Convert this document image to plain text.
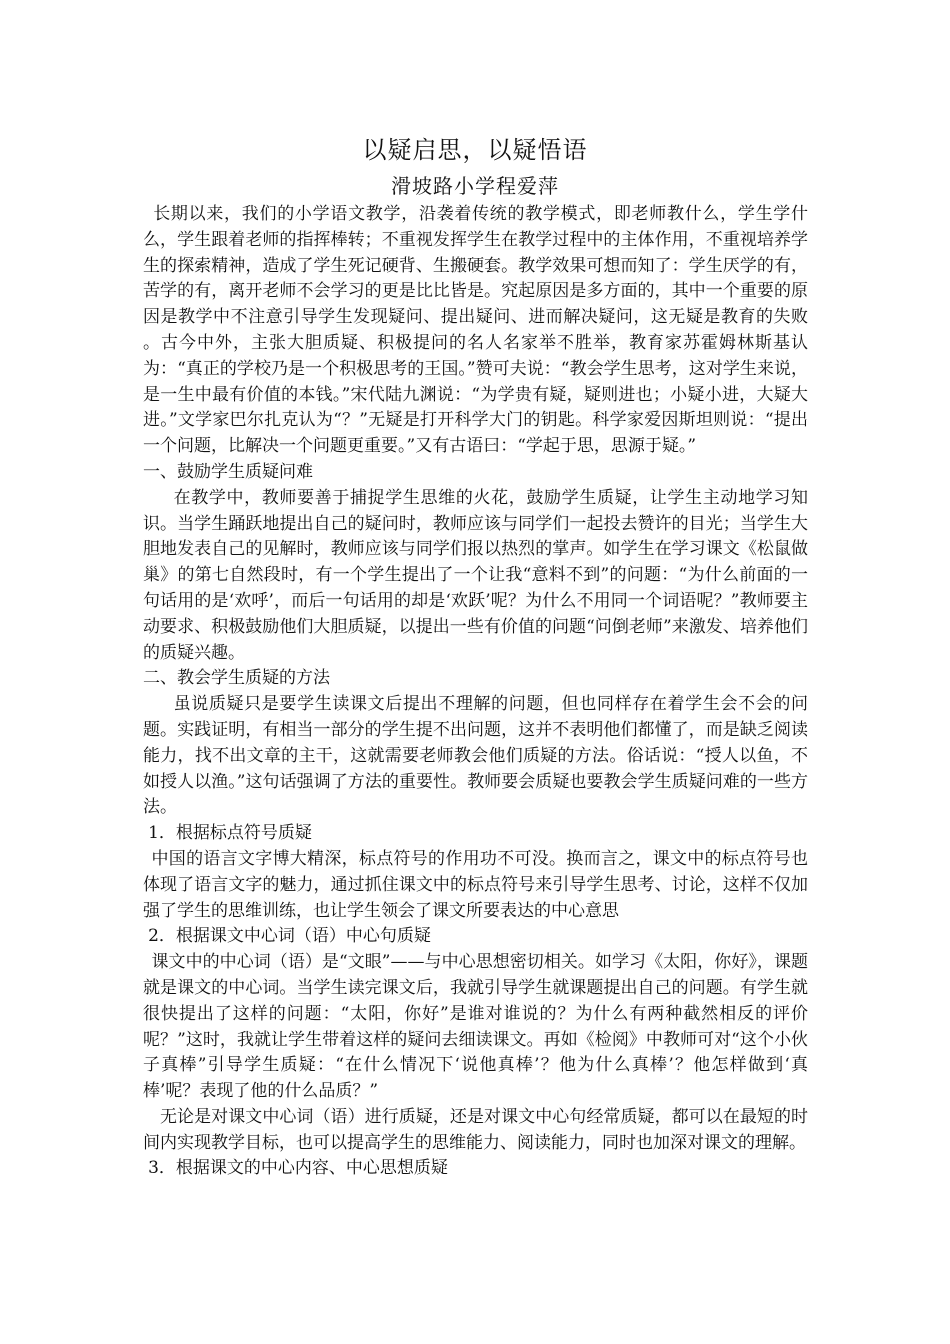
以疑启思，以疑悟语
滑坡路小学程爱萍

长期以来，我们的小学语文教学，沿袭着传统的教学模式，即老师教什么，学生学什么，学生跟着老师的指挥棒转；不重视发挥学生在教学过程中的主体作用，不重视培养学生的探索精神，造成了学生死记硬背、生搬硬套。教学效果可想而知了：学生厌学的有，苦学的有，离开老师不会学习的更是比比皆是。究起原因是多方面的，其中一个重要的原因是教学中不注意引导学生发现疑问、提出疑问、进而解决疑问，这无疑是教育的失败 。古今中外，主张大胆质疑、积极提问的名人名家举不胜举，教育家苏霍姆林斯基认为：“真正的学校乃是一个积极思考的王国。”赞可夫说：“教会学生思考，这对学生来说，是一生中最有价值的本钱。”宋代陆九渊说：“为学贵有疑，疑则进也；小疑小进，大疑大进。”文学家巴尔扎克认为“？”无疑是打开科学大门的钥匙。科学家爱因斯坦则说：“提出一个问题，比解决一个问题更重要。”又有古语曰：“学起于思，思源于疑。”

一、鼓励学生质疑问难

在教学中，教师要善于捕捉学生思维的火花，鼓励学生质疑，让学生主动地学习知识。当学生踊跃地提出自己的疑问时，教师应该与同学们一起投去赞许的目光；当学生大胆地发表自己的见解时，教师应该与同学们报以热烈的掌声。如学生在学习课文《松鼠做巢》的第七自然段时，有一个学生提出了一个让我“意料不到”的问题：“为什么前面的一句话用的是‘欢呼’，而后一句话用的却是‘欢跃’呢？为什么不用同一个词语呢？”教师要主动要求、积极鼓励他们大胆质疑，以提出一些有价值的问题“问倒老师”来激发、培养他们的质疑兴趣。

二、教会学生质疑的方法

虽说质疑只是要学生读课文后提出不理解的问题，但也同样存在着学生会不会的问题。实践证明，有相当一部分的学生提不出问题，这并不表明他们都懂了，而是缺乏阅读能力，找不出文章的主干，这就需要老师教会他们质疑的方法。俗话说：“授人以鱼，不如授人以渔。”这句话强调了方法的重要性。教师要会质疑也要教会学生质疑问难的一些方法。

1．根据标点符号质疑

中国的语言文字博大精深，标点符号的作用功不可没。换而言之，课文中的标点符号也体现了语言文字的魅力，通过抓住课文中的标点符号来引导学生思考、讨论，这样不仅加强了学生的思维训练，也让学生领会了课文所要表达的中心意思

2．根据课文中心词（语）中心句质疑

课文中的中心词（语）是“文眼”——与中心思想密切相关。如学习《太阳，你好》，课题就是课文的中心词。当学生读完课文后，我就引导学生就课题提出自己的问题。有学生就很快提出了这样的问题：“太阳，你好”是谁对谁说的？为什么有两种截然相反的评价呢？”这时，我就让学生带着这样的疑问去细读课文。再如《检阅》中教师可对“这个小伙子真棒”引导学生质疑：“在什么情况下‘说他真棒’？他为什么真棒’？他怎样做到‘真棒’呢？表现了他的什么品质？”

无论是对课文中心词（语）进行质疑，还是对课文中心句经常质疑，都可以在最短的时间内实现教学目标，也可以提高学生的思维能力、阅读能力，同时也加深对课文的理解。

3．根据课文的中心内容、中心思想质疑
